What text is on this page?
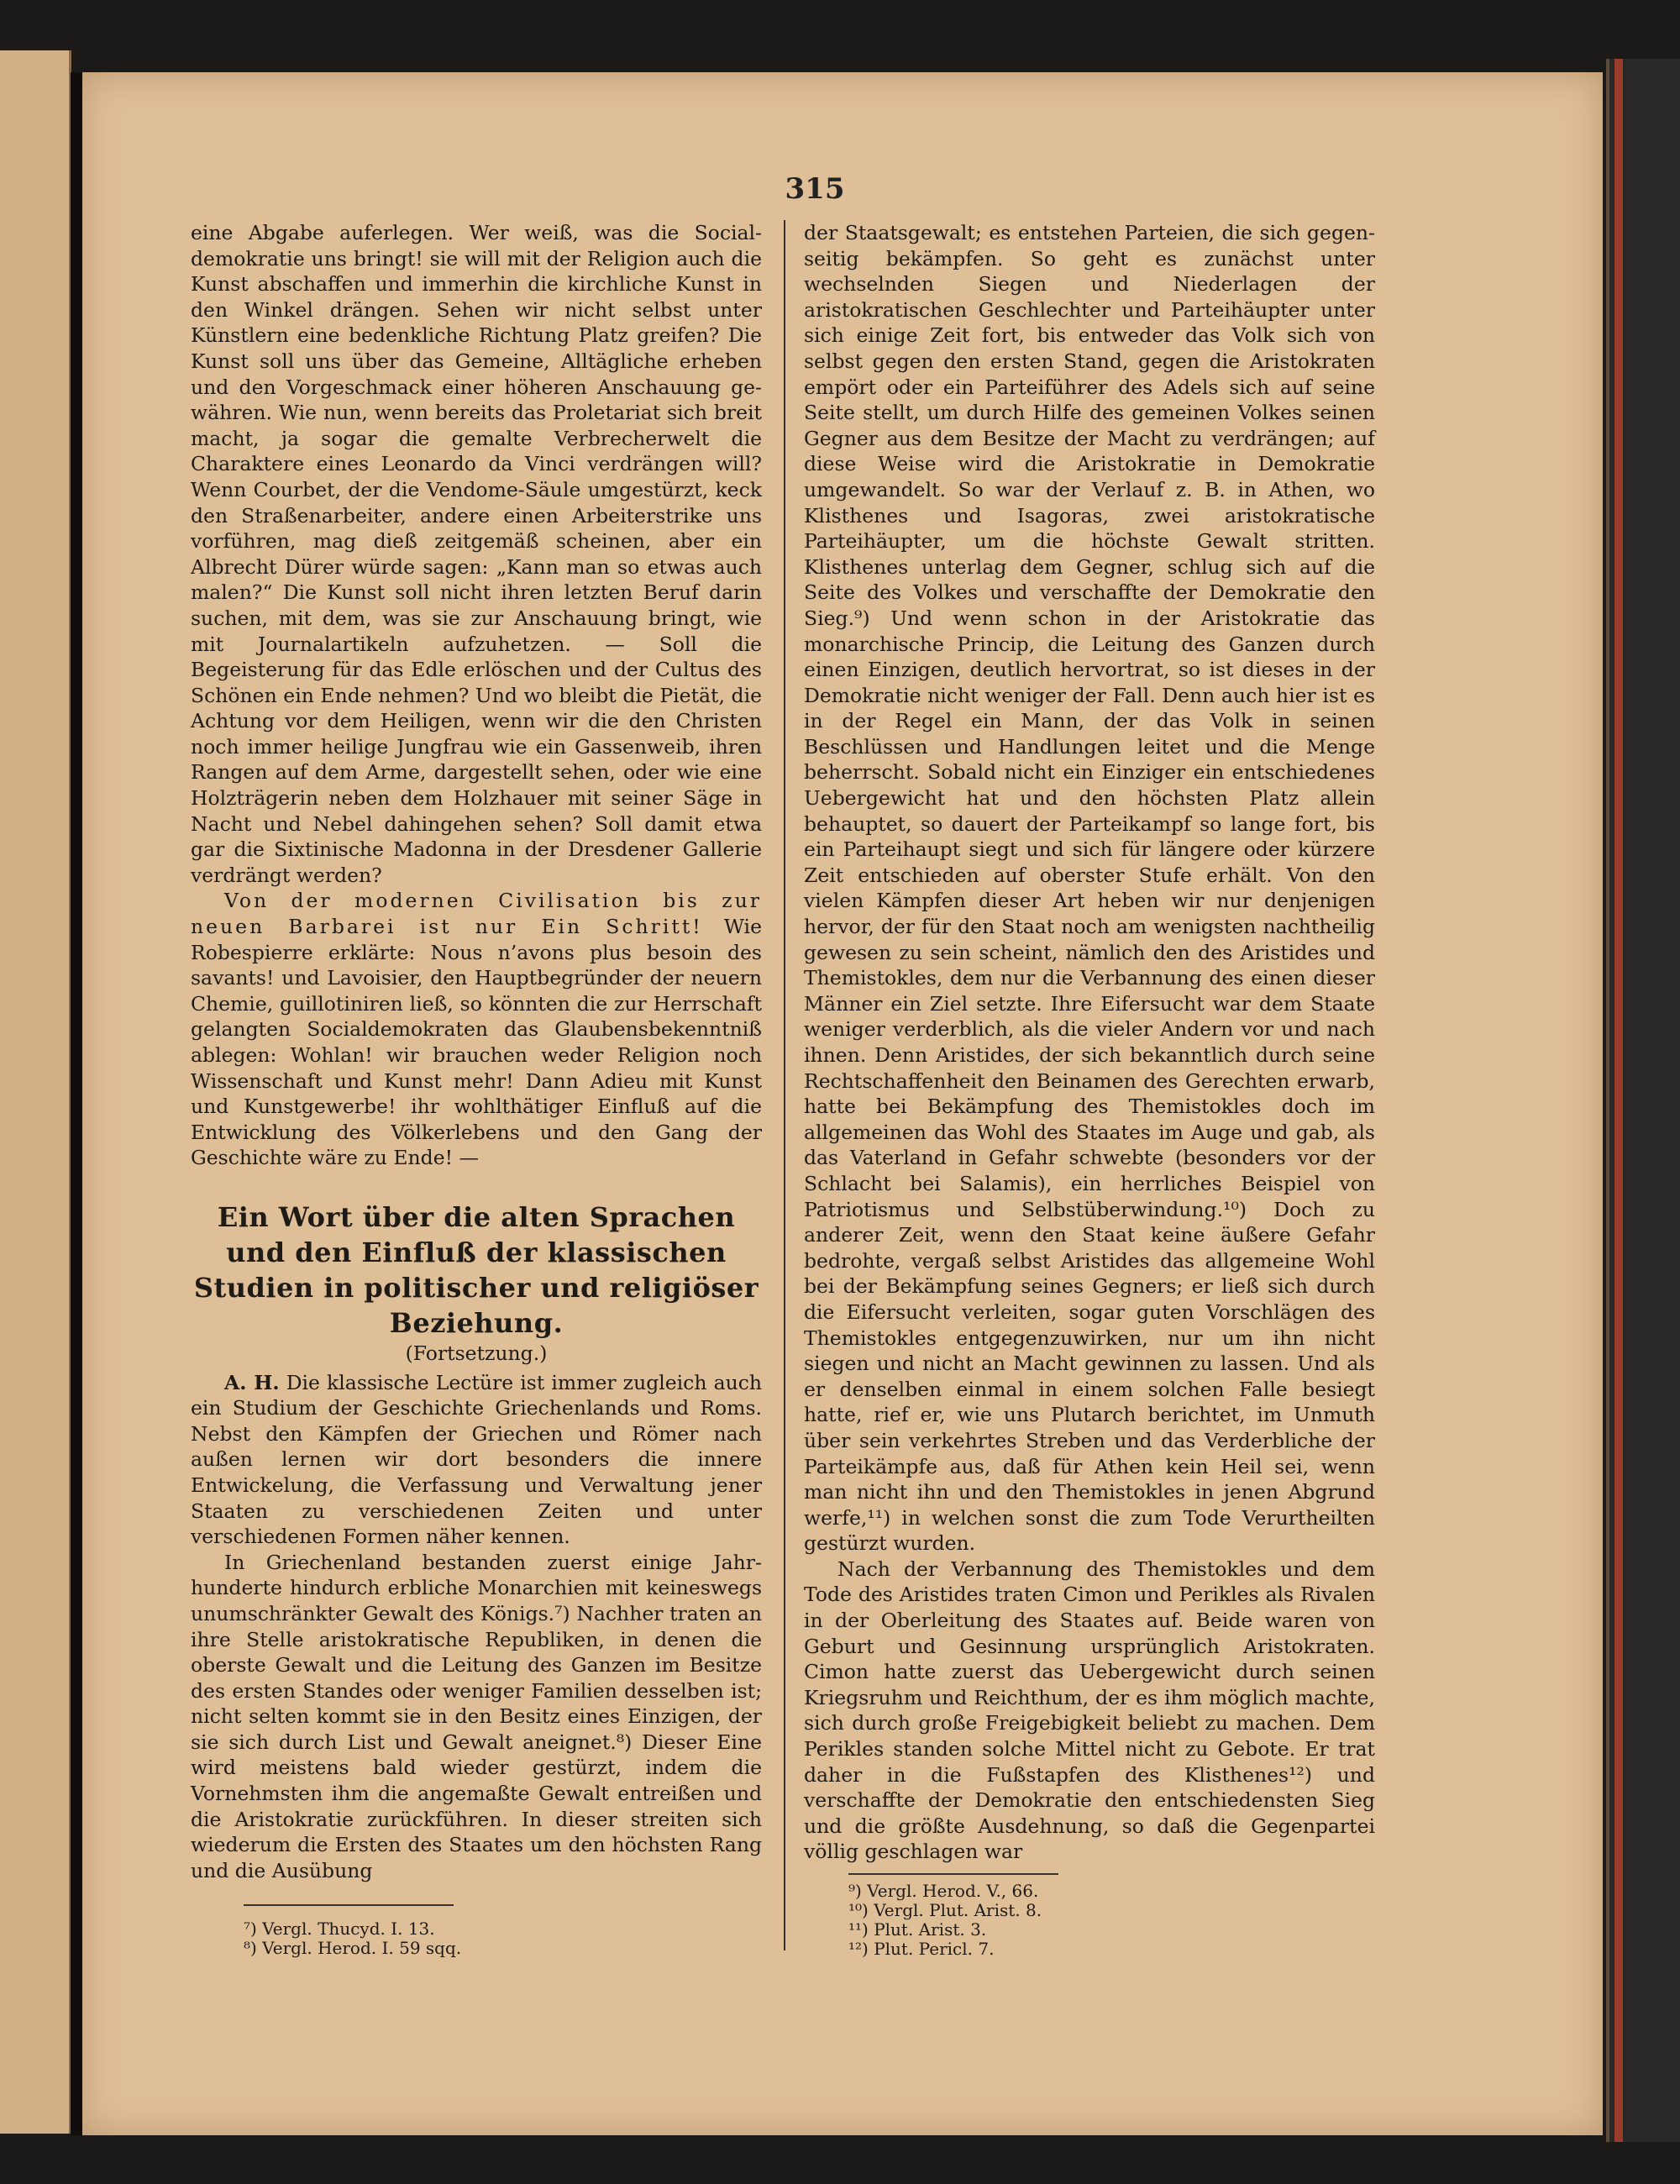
315

eine Abgabe auferlegen. Wer weiß, was die Socialdemokratie uns bringt! sie will mit der Religion auch die Kunst abschaffen und immerhin die kirchliche Kunst in den Winkel drängen. Sehen wir nicht selbst unter Künstlern eine bedenkliche Richtung Platz greifen? Die Kunst soll uns über das Gemeine, Alltägliche erheben und den Vorgeschmack einer höheren Anschauung gewähren. Wie nun, wenn bereits das Proletariat sich breit macht, ja sogar die gemalte Verbrecherwelt die Charaktere eines Leonardo da Vinci verdrängen will? Wenn Courbet, der die Vendome-Säule umgestürzt, keck den Straßenarbeiter, andere einen Arbeiterstrike uns vorführen, mag dieß zeitgemäß scheinen, aber ein Albrecht Dürer würde sagen: „Kann man so etwas auch malen?“ Die Kunst soll nicht ihren letzten Beruf darin suchen, mit dem, was sie zur Anschauung bringt, wie mit Journalartikeln aufzuhetzen. — Soll die Begeisterung für das Edle erlöschen und der Cultus des Schönen ein Ende nehmen? Und wo bleibt die Pietät, die Achtung vor dem Heiligen, wenn wir die den Christen noch immer heilige Jungfrau wie ein Gassenweib, ihren Rangen auf dem Arme, dargestellt sehen, oder wie eine Holzträgerin neben dem Holzhauer mit seiner Säge in Nacht und Nebel dahingehen sehen? Soll damit etwa gar die Sixtinische Madonna in der Dresdener Gallerie verdrängt werden?

Von der modernen Civilisation bis zur neuen Barbarei ist nur Ein Schritt! Wie Robespierre erklärte: Nous n’avons plus besoin des savants! und Lavoisier, den Hauptbegründer der neuern Chemie, guillotiniren ließ, so könnten die zur Herrschaft gelangten Socialdemokraten das Glaubensbekenntniß ablegen: Wohlan! wir brauchen weder Religion noch Wissenschaft und Kunst mehr! Dann Adieu mit Kunst und Kunstgewerbe! ihr wohlthätiger Einfluß auf die Entwicklung des Völkerlebens und den Gang der Geschichte wäre zu Ende! —

Ein Wort über die alten Sprachen und den Einfluß der klassischen Studien in politischer und religiöser Beziehung.

(Fortsetzung.)

A. H. Die klassische Lectüre ist immer zugleich auch ein Studium der Geschichte Griechenlands und Roms. Nebst den Kämpfen der Griechen und Römer nach außen lernen wir dort besonders die innere Entwickelung, die Verfassung und Verwaltung jener Staaten zu verschiedenen Zeiten und unter verschiedenen Formen näher kennen.

In Griechenland bestanden zuerst einige Jahrhunderte hindurch erbliche Monarchien mit keineswegs unumschränkter Gewalt des Königs.⁷) Nachher traten an ihre Stelle aristokratische Republiken, in denen die oberste Gewalt und die Leitung des Ganzen im Besitze des ersten Standes oder weniger Familien desselben ist; nicht selten kommt sie in den Besitz eines Einzigen, der sie sich durch List und Gewalt aneignet.⁸) Dieser Eine wird meistens bald wieder gestürzt, indem die Vornehmsten ihm die angemaßte Gewalt entreißen und die Aristokratie zurückführen. In dieser streiten sich wiederum die Ersten des Staates um den höchsten Rang und die Ausübung

der Staatsgewalt; es entstehen Parteien, die sich gegenseitig bekämpfen. So geht es zunächst unter wechselnden Siegen und Niederlagen der aristokratischen Geschlechter und Parteihäupter unter sich einige Zeit fort, bis entweder das Volk sich von selbst gegen den ersten Stand, gegen die Aristokraten empört oder ein Parteiführer des Adels sich auf seine Seite stellt, um durch Hilfe des gemeinen Volkes seinen Gegner aus dem Besitze der Macht zu verdrängen; auf diese Weise wird die Aristokratie in Demokratie umgewandelt. So war der Verlauf z. B. in Athen, wo Klisthenes und Isagoras, zwei aristokratische Parteihäupter, um die höchste Gewalt stritten. Klisthenes unterlag dem Gegner, schlug sich auf die Seite des Volkes und verschaffte der Demokratie den Sieg.⁹) Und wenn schon in der Aristokratie das monarchische Princip, die Leitung des Ganzen durch einen Einzigen, deutlich hervortrat, so ist dieses in der Demokratie nicht weniger der Fall. Denn auch hier ist es in der Regel ein Mann, der das Volk in seinen Beschlüssen und Handlungen leitet und die Menge beherrscht. Sobald nicht ein Einziger ein entschiedenes Uebergewicht hat und den höchsten Platz allein behauptet, so dauert der Parteikampf so lange fort, bis ein Parteihaupt siegt und sich für längere oder kürzere Zeit entschieden auf oberster Stufe erhält. Von den vielen Kämpfen dieser Art heben wir nur denjenigen hervor, der für den Staat noch am wenigsten nachtheilig gewesen zu sein scheint, nämlich den des Aristides und Themistokles, dem nur die Verbannung des einen dieser Männer ein Ziel setzte. Ihre Eifersucht war dem Staate weniger verderblich, als die vieler Andern vor und nach ihnen. Denn Aristides, der sich bekanntlich durch seine Rechtschaffenheit den Beinamen des Gerechten erwarb, hatte bei Bekämpfung des Themistokles doch im allgemeinen das Wohl des Staates im Auge und gab, als das Vaterland in Gefahr schwebte (besonders vor der Schlacht bei Salamis), ein herrliches Beispiel von Patriotismus und Selbstüberwindung.¹⁰) Doch zu anderer Zeit, wenn den Staat keine äußere Gefahr bedrohte, vergaß selbst Aristides das allgemeine Wohl bei der Bekämpfung seines Gegners; er ließ sich durch die Eifersucht verleiten, sogar guten Vorschlägen des Themistokles entgegenzuwirken, nur um ihn nicht siegen und nicht an Macht gewinnen zu lassen. Und als er denselben einmal in einem solchen Falle besiegt hatte, rief er, wie uns Plutarch berichtet, im Unmuth über sein verkehrtes Streben und das Verderbliche der Parteikämpfe aus, daß für Athen kein Heil sei, wenn man nicht ihn und den Themistokles in jenen Abgrund werfe,¹¹) in welchen sonst die zum Tode Verurtheilten gestürzt wurden.

Nach der Verbannung des Themistokles und dem Tode des Aristides traten Cimon und Perikles als Rivalen in der Oberleitung des Staates auf. Beide waren von Geburt und Gesinnung ursprünglich Aristokraten. Cimon hatte zuerst das Uebergewicht durch seinen Kriegsruhm und Reichthum, der es ihm möglich machte, sich durch große Freigebigkeit beliebt zu machen. Dem Perikles standen solche Mittel nicht zu Gebote. Er trat daher in die Fußstapfen des Klisthenes¹²) und verschaffte der Demokratie den entschiedensten Sieg und die größte Ausdehnung, so daß die Gegenpartei völlig geschlagen war

⁷) Vergl. Thucyd. I. 13.
⁸) Vergl. Herod. I. 59 sqq.
⁹) Vergl. Herod. V., 66.
¹⁰) Vergl. Plut. Arist. 8.
¹¹) Plut. Arist. 3.
¹²) Plut. Pericl. 7.
